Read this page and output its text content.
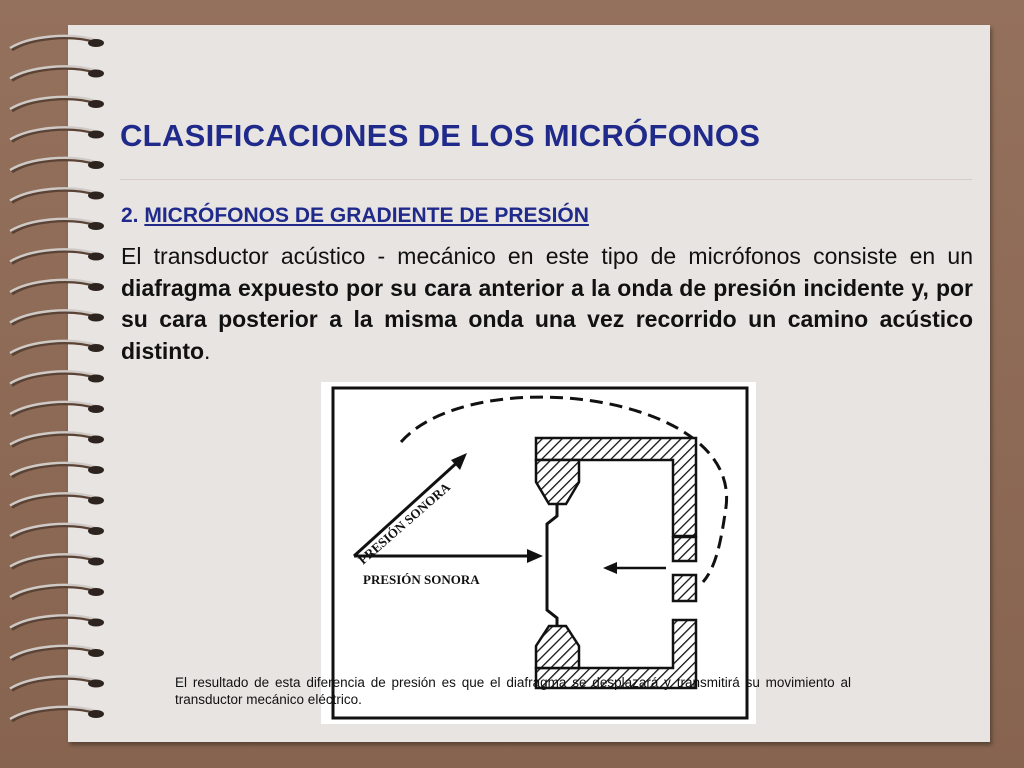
CLASIFICACIONES DE LOS MICRÓFONOS
2. MICRÓFONOS DE GRADIENTE DE PRESIÓN

El transductor acústico - mecánico en este tipo de micrófonos consiste en un diafragma expuesto por su cara anterior a la onda de presión incidente y, por su cara posterior a la misma onda una vez recorrido un camino acústico distinto.

PRESIÓN SONORA
PRESIÓN SONORA

El resultado de esta diferencia de presión es que el diafragma se desplazará y transmitirá su movimiento al transductor mecánico eléctrico.
